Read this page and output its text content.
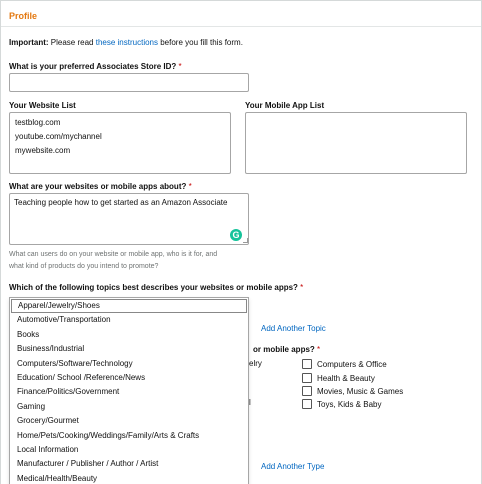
Profile
Important: Please read these instructions before you fill this form.
What is your preferred Associates Store ID? *
Your Website List
testblog.com
youtube.com/mychannel
mywebsite.com
Your Mobile App List
What are your websites or mobile apps about? *
Teaching people how to get started as an Amazon Associate
G
What can users do on your website or mobile app, who is it for, and
what kind of products do you intend to promote?
Which of the following topics best describes your websites or mobile apps? *
Add Another Topic
or mobile apps? *
elry
l
Computers & Office
Health & Beauty
Movies, Music & Games
Toys, Kids & Baby
Add Another Type
Apparel/Jewelry/Shoes
Automotive/Transportation
Books
Business/Industrial
Computers/Software/Technology
Education/ School /Reference/News
Finance/Politics/Government
Gaming
Grocery/Gourmet
Home/Pets/Cooking/Weddings/Family/Arts & Crafts
Local Information
Manufacturer / Publisher / Author / Artist
Medical/Health/Beauty
